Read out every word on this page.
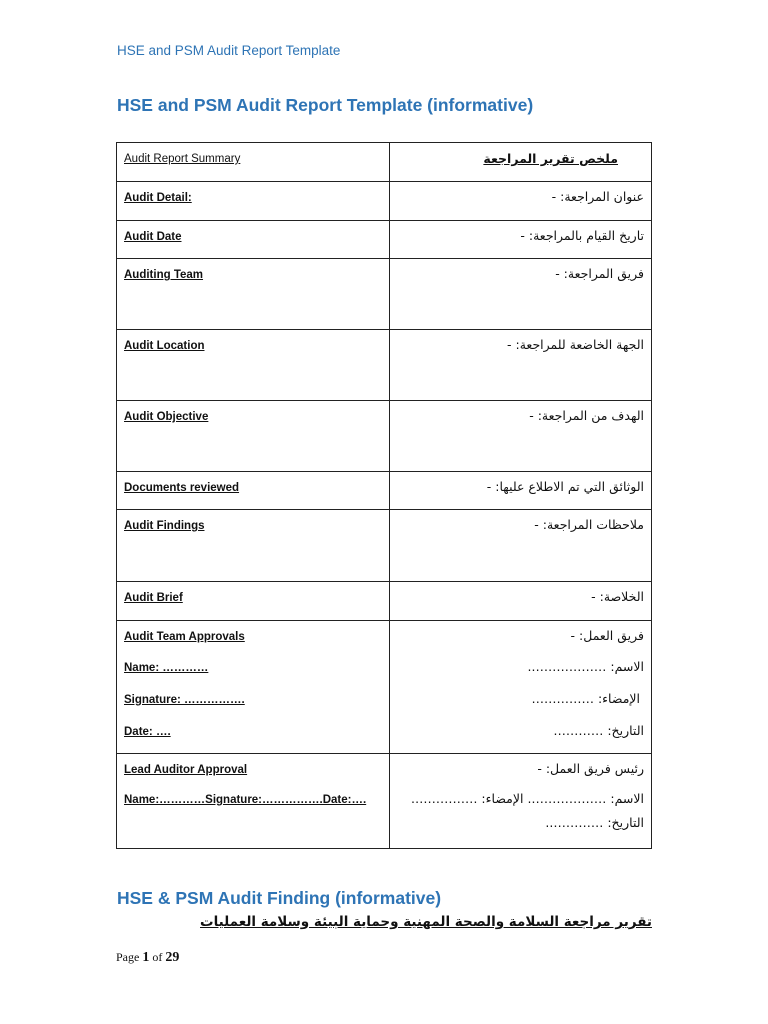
HSE and PSM Audit Report Template
HSE and PSM Audit Report Template (informative)
Audit Report Summary	ملخص تقرير المراجعة

Audit Detail:	عنوان المراجعة: -

Audit Date	تاريخ القيام بالمراجعة: -

Auditing Team	فريق المراجعة: -

Audit Location	الجهة الخاضعة للمراجعة: -

Audit Objective	الهدف من المراجعة: -

Documents reviewed	الوثائق التي تم الاطلاع عليها: -

Audit Findings	ملاحظات المراجعة: -

Audit Brief	الخلاصة: -

Audit Team Approvals
Name: …………
Signature: …………….
Date: ….	فريق العمل: -
الاسم: ……………….
الإمضاء: ……………
التاريخ: …………

Lead Auditor Approval
Name:…………Signature:…………….Date:….	رئيس فريق العمل: -
الاسم: ………………. الإمضاء: …………….
التاريخ: …………..
HSE & PSM Audit Finding (informative)
تقرير مراجعة السلامة والصحة المهنية وحماية البيئة وسلامة العمليات
Page 1 of 29
